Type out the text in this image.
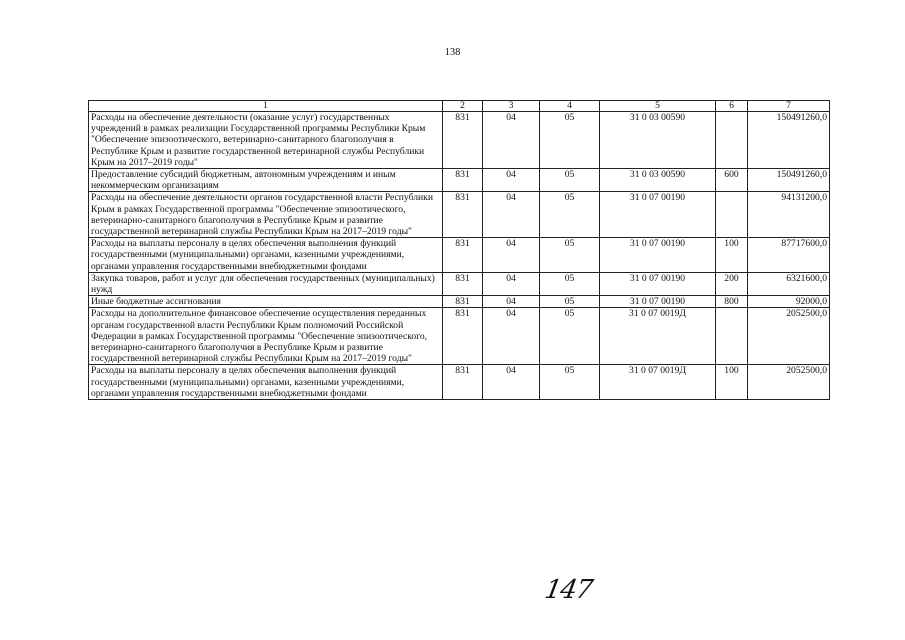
138
1	2	3	4	5	6	7
Расходы на обеспечение деятельности (оказание услуг) государственных учреждений в рамках реализации Государственной программы Республики Крым "Обеспечение эпизоотического, ветеринарно-санитарного благополучия в Республике Крым и развитие государственной ветеринарной службы Республики Крым на 2017–2019 годы"	831	04	05	31 0 03 00590		150491260,0
Предоставление субсидий бюджетным, автономным учреждениям и иным некоммерческим организациям	831	04	05	31 0 03 00590	600	150491260,0
Расходы на обеспечение деятельности органов государственной власти Республики Крым в рамках Государственной программы "Обеспечение эпизоотического, ветеринарно-санитарного благополучия в Республике Крым и развитие государственной ветеринарной службы Республики Крым на 2017–2019 годы"	831	04	05	31 0 07 00190		94131200,0
Расходы на выплаты персоналу в целях обеспечения выполнения функций государственными (муниципальными) органами, казенными учреждениями, органами управления государственными внебюджетными фондами	831	04	05	31 0 07 00190	100	87717600,0
Закупка товаров, работ и услуг для обеспечения государственных (муниципальных) нужд	831	04	05	31 0 07 00190	200	6321600,0
Иные бюджетные ассигнования	831	04	05	31 0 07 00190	800	92000,0
Расходы на дополнительное финансовое обеспечение осуществления переданных органам государственной власти Республики Крым полномочий Российской Федерации в рамках Государственной программы "Обеспечение эпизоотического, ветеринарно-санитарного благополучия в Республике Крым и развитие государственной ветеринарной службы Республики Крым на 2017–2019 годы"	831	04	05	31 0 07 0019Д		2052500,0
Расходы на выплаты персоналу в целях обеспечения выполнения функций государственными (муниципальными) органами, казенными учреждениями, органами управления государственными внебюджетными фондами	831	04	05	31 0 07 0019Д	100	2052500,0
147
